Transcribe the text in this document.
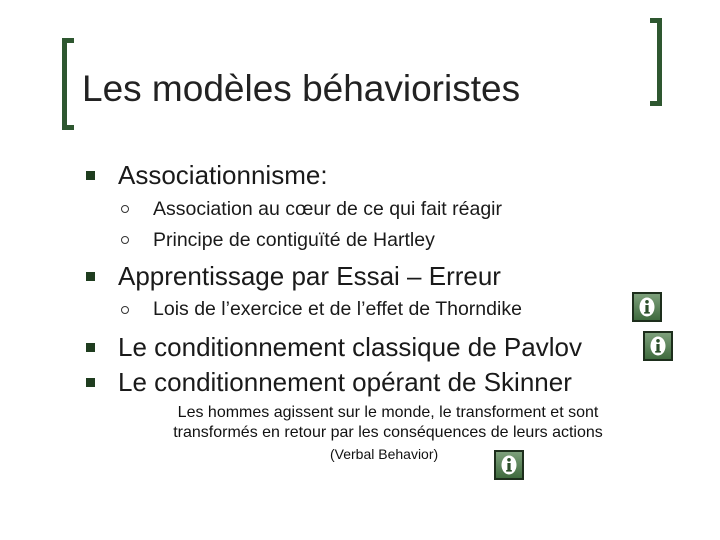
Les modèles béhavioristes
Associationnisme:
Association au cœur de ce qui fait réagir
Principe de contiguïté de Hartley
Apprentissage par Essai – Erreur
Lois de l’exercice et de l’effet de Thorndike
Le conditionnement classique de Pavlov
Le conditionnement opérant de Skinner
Les hommes agissent sur le monde, le transforment et sont
transformés en retour par les conséquences de leurs actions
(Verbal Behavior)
